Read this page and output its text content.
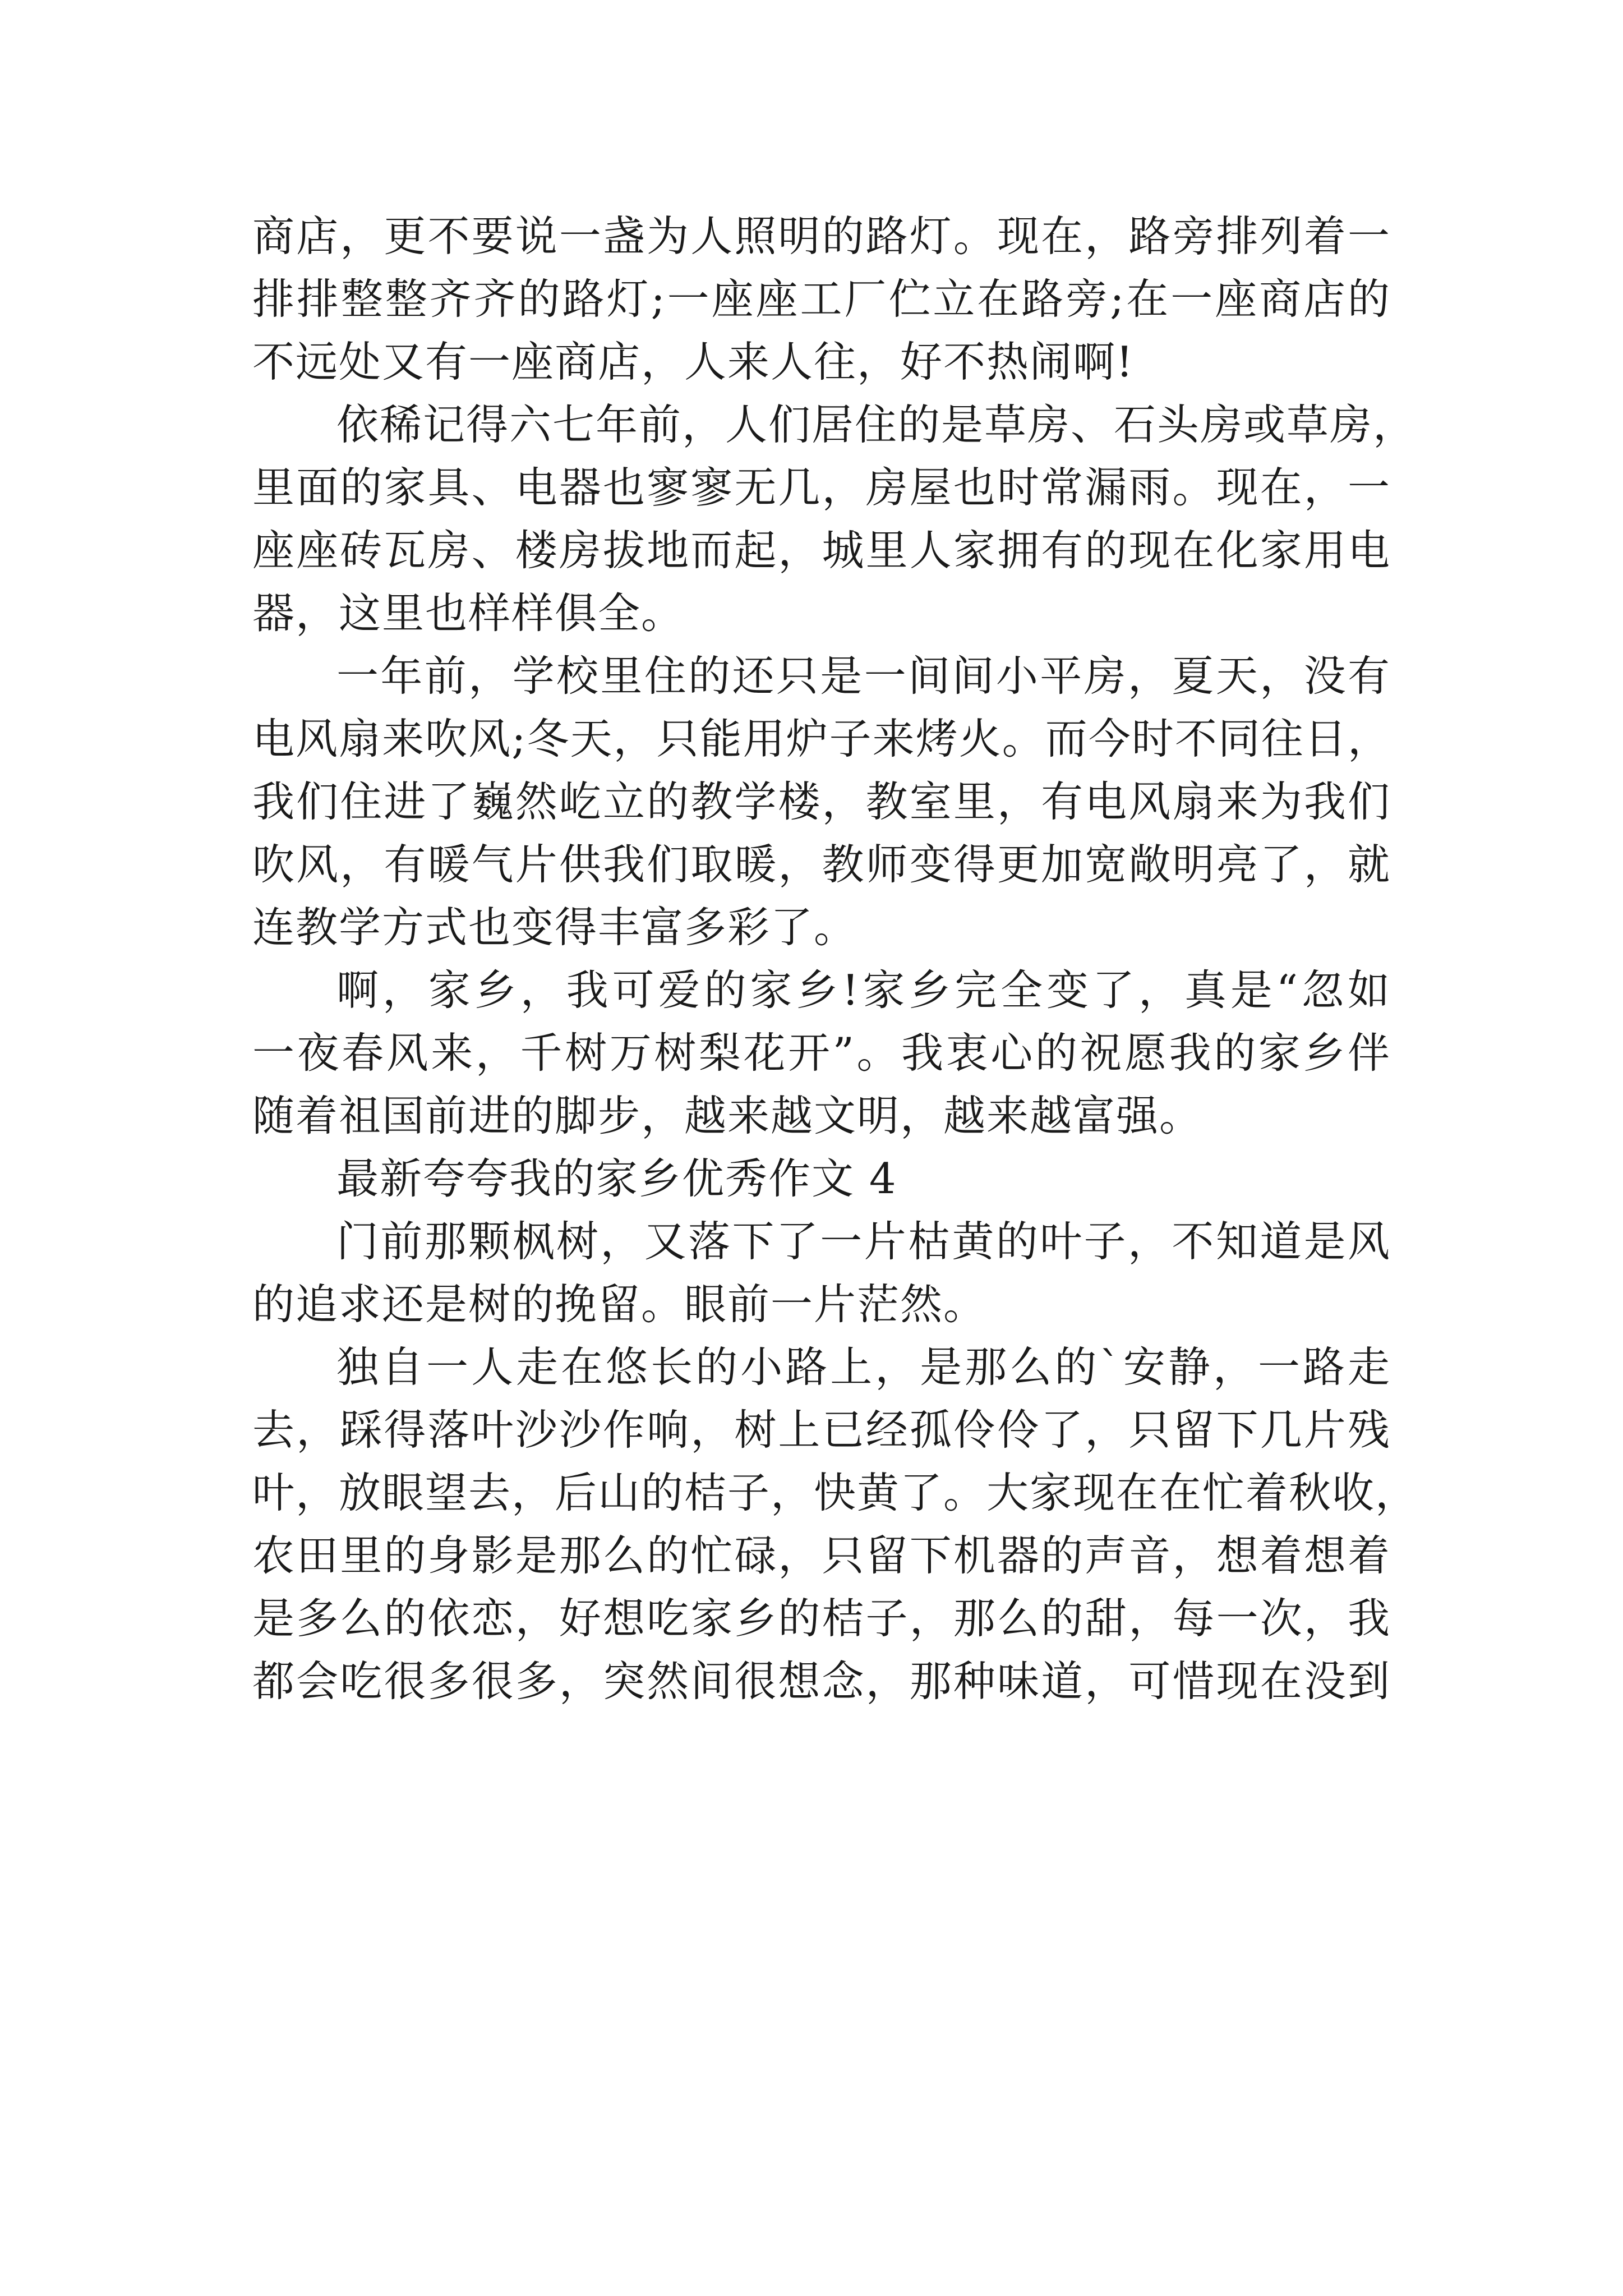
商店，更不要说一盏为人照明的路灯。现在，路旁排列着一
排排整整齐齐的路灯;一座座工厂伫立在路旁;在一座商店的
不远处又有一座商店，人来人往，好不热闹啊!
依稀记得六七年前，人们居住的是草房、石头房或草房，
里面的家具、电器也寥寥无几，房屋也时常漏雨。现在，一
座座砖瓦房、楼房拔地而起，城里人家拥有的现在化家用电
器，这里也样样俱全。
一年前，学校里住的还只是一间间小平房，夏天，没有
电风扇来吹风;冬天，只能用炉子来烤火。而今时不同往日，
我们住进了巍然屹立的教学楼，教室里，有电风扇来为我们
吹风，有暖气片供我们取暖，教师变得更加宽敞明亮了，就
连教学方式也变得丰富多彩了。
啊，家乡，我可爱的家乡!家乡完全变了，真是“忽如
一夜春风来，千树万树梨花开”。我衷心的祝愿我的家乡伴
随着祖国前进的脚步，越来越文明，越来越富强。
最新夸夸我的家乡优秀作文 4
门前那颗枫树，又落下了一片枯黄的叶子，不知道是风
的追求还是树的挽留。眼前一片茫然。
独自一人走在悠长的小路上，是那么的`安静，一路走
去，踩得落叶沙沙作响，树上已经孤伶伶了，只留下几片残
叶，放眼望去，后山的桔子，快黄了。大家现在在忙着秋收，
农田里的身影是那么的忙碌，只留下机器的声音，想着想着
是多么的依恋，好想吃家乡的桔子，那么的甜，每一次，我
都会吃很多很多，突然间很想念，那种味道，可惜现在没到
